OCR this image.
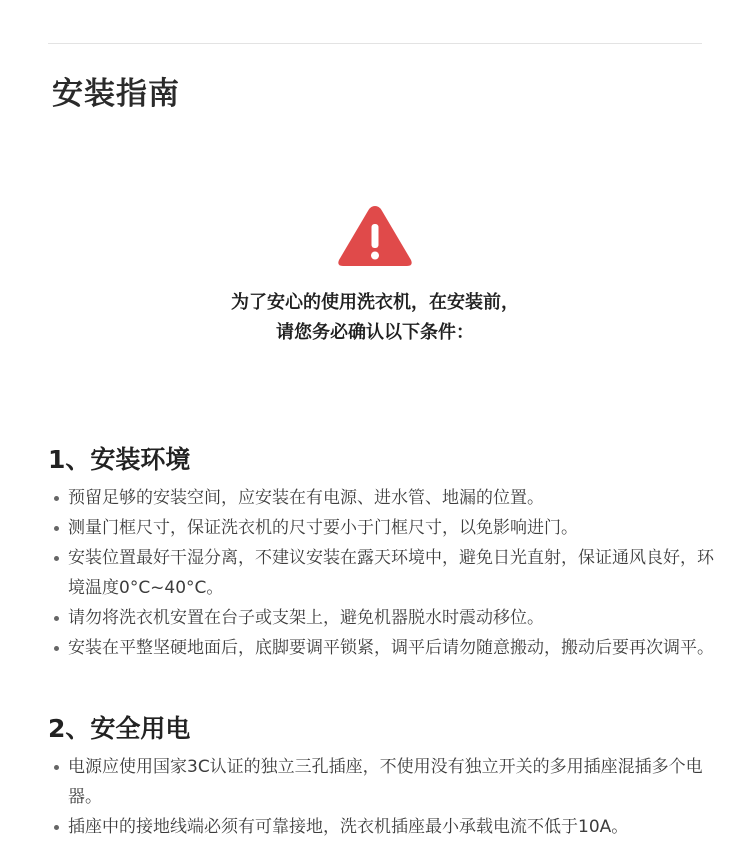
安装指南
为了安心的使用洗衣机，在安装前，
请您务必确认以下条件：
1、安装环境
预留足够的安装空间，应安装在有电源、进水管、地漏的位置。
测量门框尺寸，保证洗衣机的尺寸要小于门框尺寸，以免影响进门。
安装位置最好干湿分离，不建议安装在露天环境中，避免日光直射，保证通风良好，环境温度0°C~40°C。
请勿将洗衣机安置在台子或支架上，避免机器脱水时震动移位。
安装在平整坚硬地面后，底脚要调平锁紧，调平后请勿随意搬动，搬动后要再次调平。
2、安全用电
电源应使用国家3C认证的独立三孔插座，不使用没有独立开关的多用插座混插多个电器。
插座中的接地线端必须有可靠接地，洗衣机插座最小承载电流不低于10A。
